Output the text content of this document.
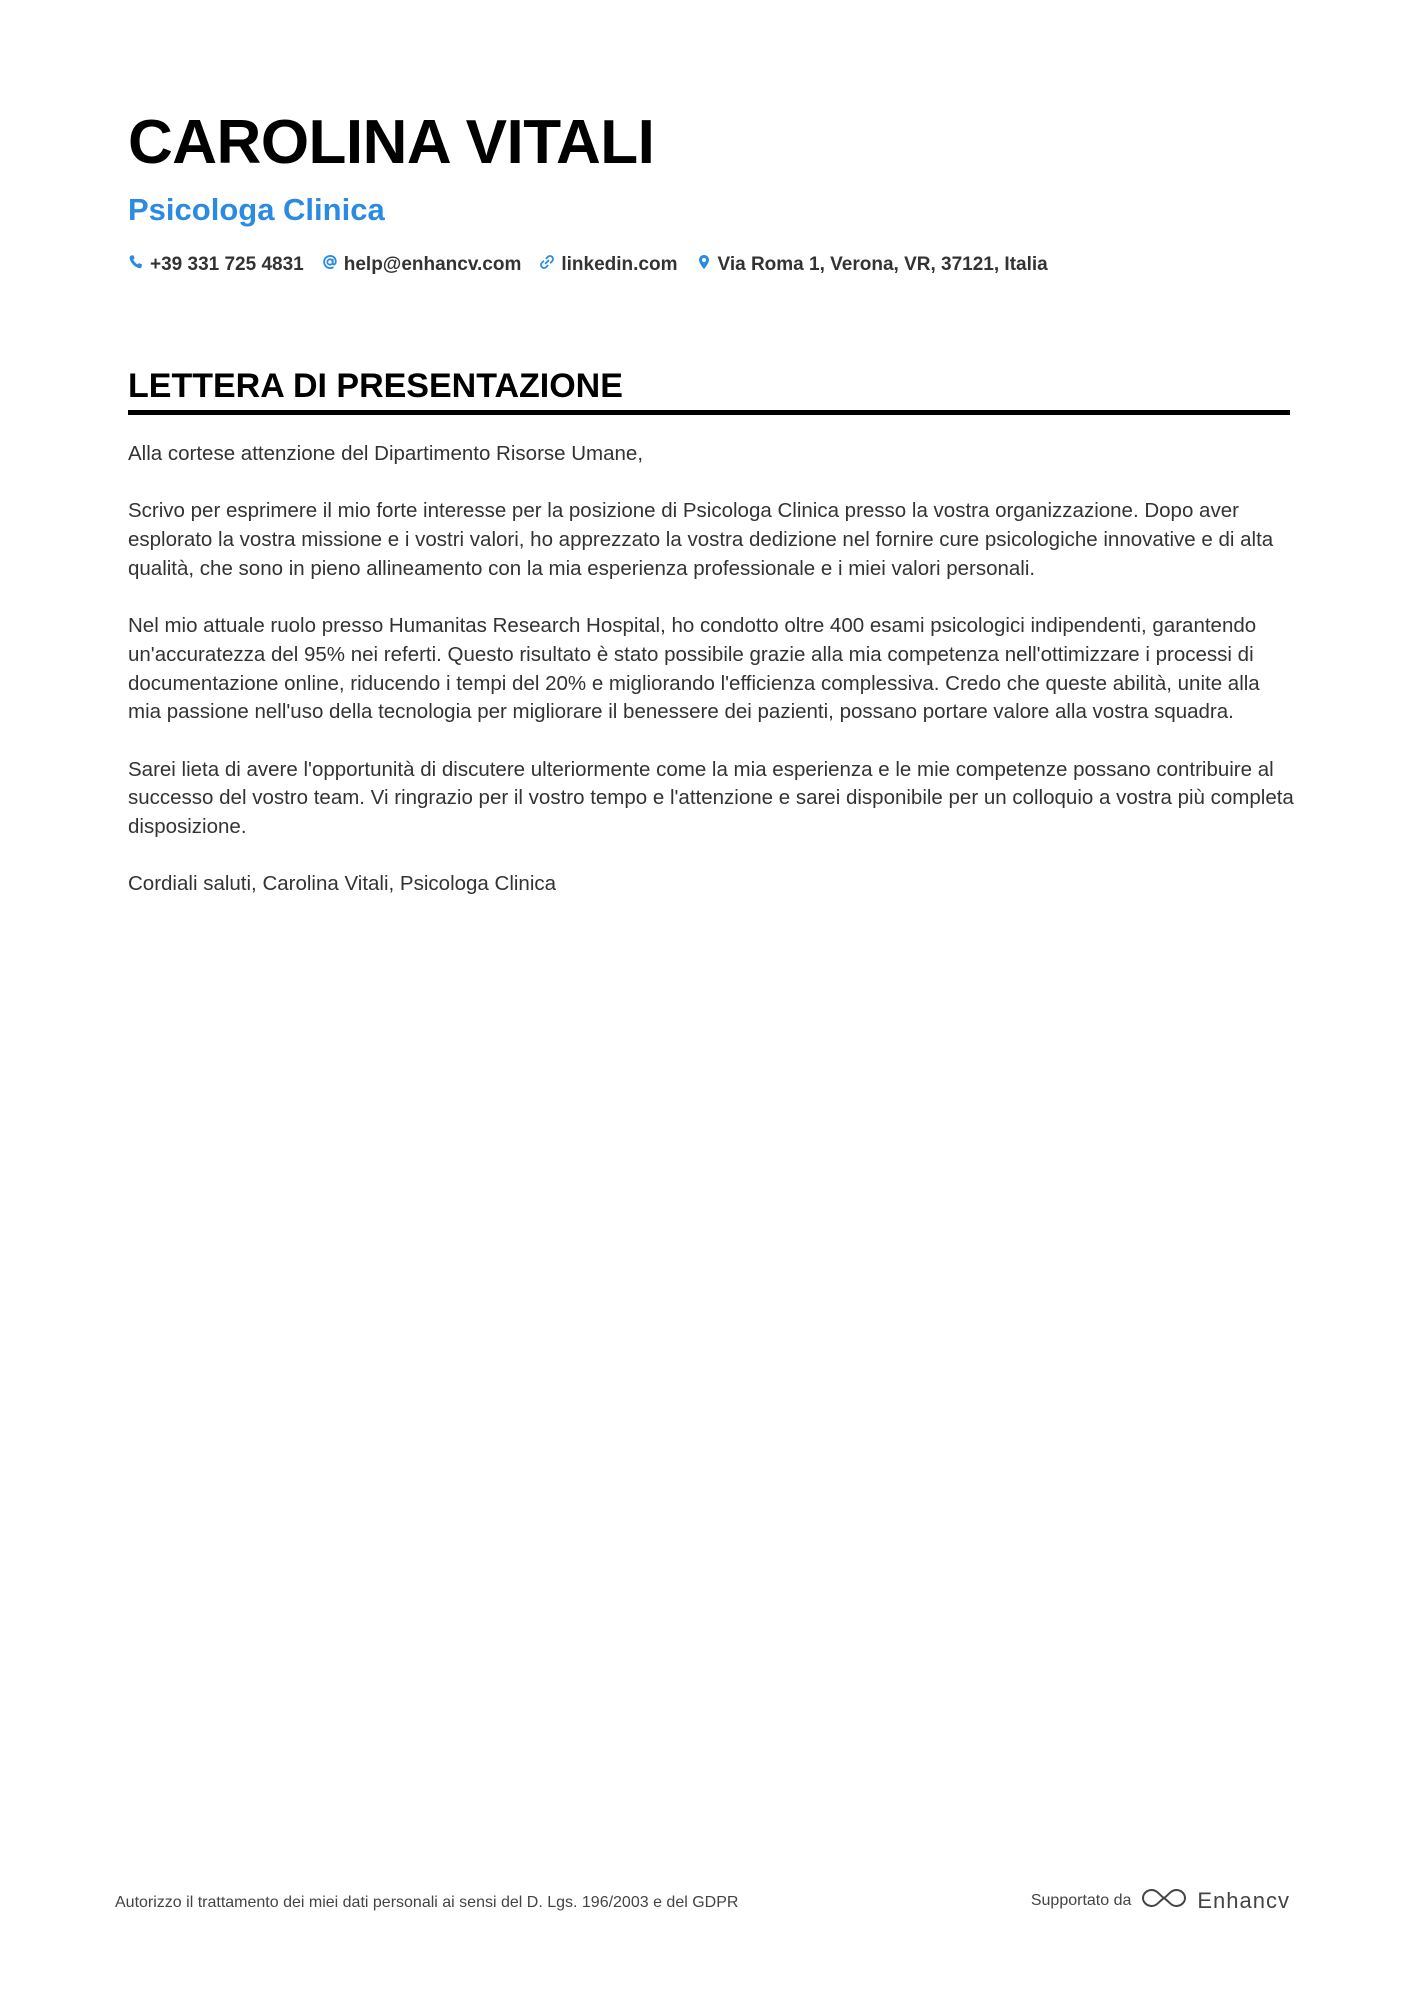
CAROLINA VITALI
Psicologa Clinica
+39 331 725 4831 help@enhancv.com linkedin.com Via Roma 1, Verona, VR, 37121, Italia
LETTERA DI PRESENTAZIONE

Alla cortese attenzione del Dipartimento Risorse Umane,

Scrivo per esprimere il mio forte interesse per la posizione di Psicologa Clinica presso la vostra organizzazione. Dopo aver esplorato la vostra missione e i vostri valori, ho apprezzato la vostra dedizione nel fornire cure psicologiche innovative e di alta qualità, che sono in pieno allineamento con la mia esperienza professionale e i miei valori personali.

Nel mio attuale ruolo presso Humanitas Research Hospital, ho condotto oltre 400 esami psicologici indipendenti, garantendo un'accuratezza del 95% nei referti. Questo risultato è stato possibile grazie alla mia competenza nell'ottimizzare i processi di documentazione online, riducendo i tempi del 20% e migliorando l'efficienza complessiva. Credo che queste abilità, unite alla mia passione nell'uso della tecnologia per migliorare il benessere dei pazienti, possano portare valore alla vostra squadra.

Sarei lieta di avere l'opportunità di discutere ulteriormente come la mia esperienza e le mie competenze possano contribuire al successo del vostro team. Vi ringrazio per il vostro tempo e l'attenzione e sarei disponibile per un colloquio a vostra più completa disposizione.

Cordiali saluti, Carolina Vitali, Psicologa Clinica

Autorizzo il trattamento dei miei dati personali ai sensi del D. Lgs. 196/2003 e del GDPR	Supportato da	Enhancv
